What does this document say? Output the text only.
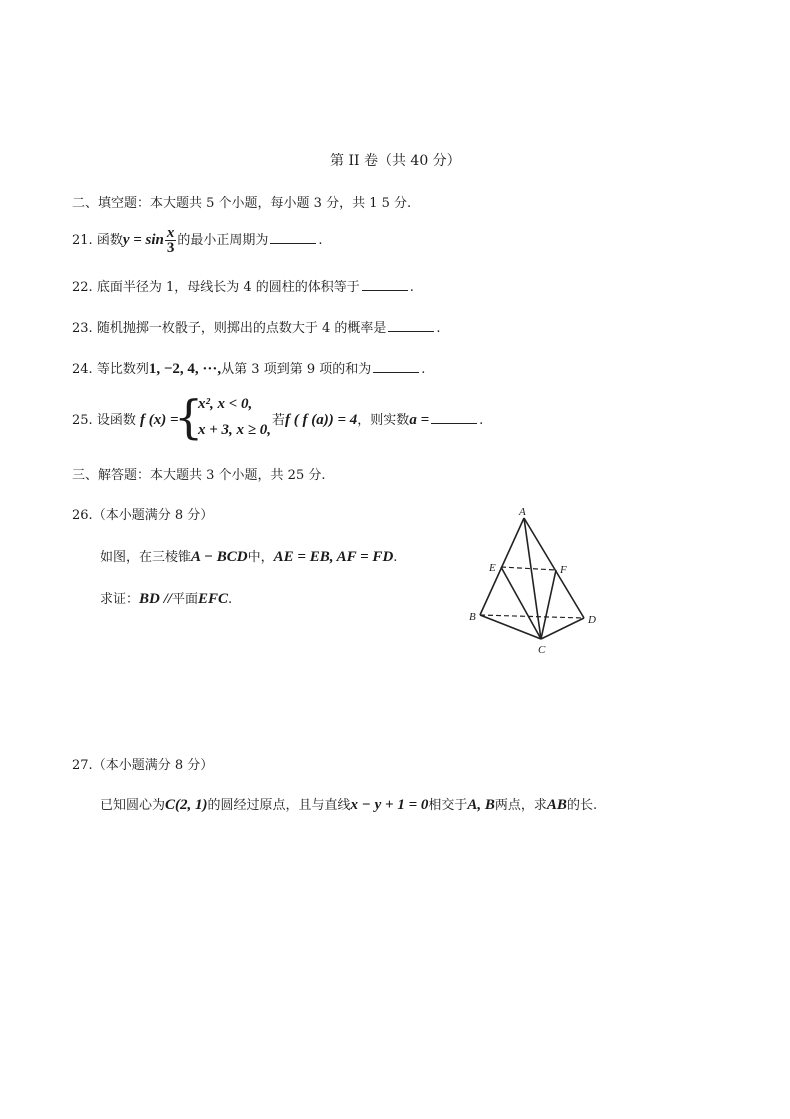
第 II 卷（共 40 分）
二、填空题：本大题共 5 个小题，每小题 3 分，共 1 5 分.
21. 函数$y = \sin \frac{x}{3}$ 的最小正周期为	.
22. 底面半径为 1，母线长为 4 的圆柱的体积等于	.
23. 随机抛掷一枚骰子，则掷出的点数大于 4 的概率是	.
24. 等比数列1, −2, 4, ···,从第 3 项到第 9 项的和为	.
25. 设函数 f (x) =
{
x², x < 0,
x + 3, x ≥ 0,
若f ( f (a)) = 4，则实数a =	.
三、解答题：本大题共 3 个小题，共 25 分.
26.（本小题满分 8 分）
如图，在三棱锥A − BCD中，AE = EB, AF = FD.
求证：BD //平面EFC.
A
B
C
D
E	F
27.（本小题满分 8 分）
已知圆心为C(2, 1)的圆经过原点，且与直线x − y + 1 = 0相交于A, B两点，求AB的长.
